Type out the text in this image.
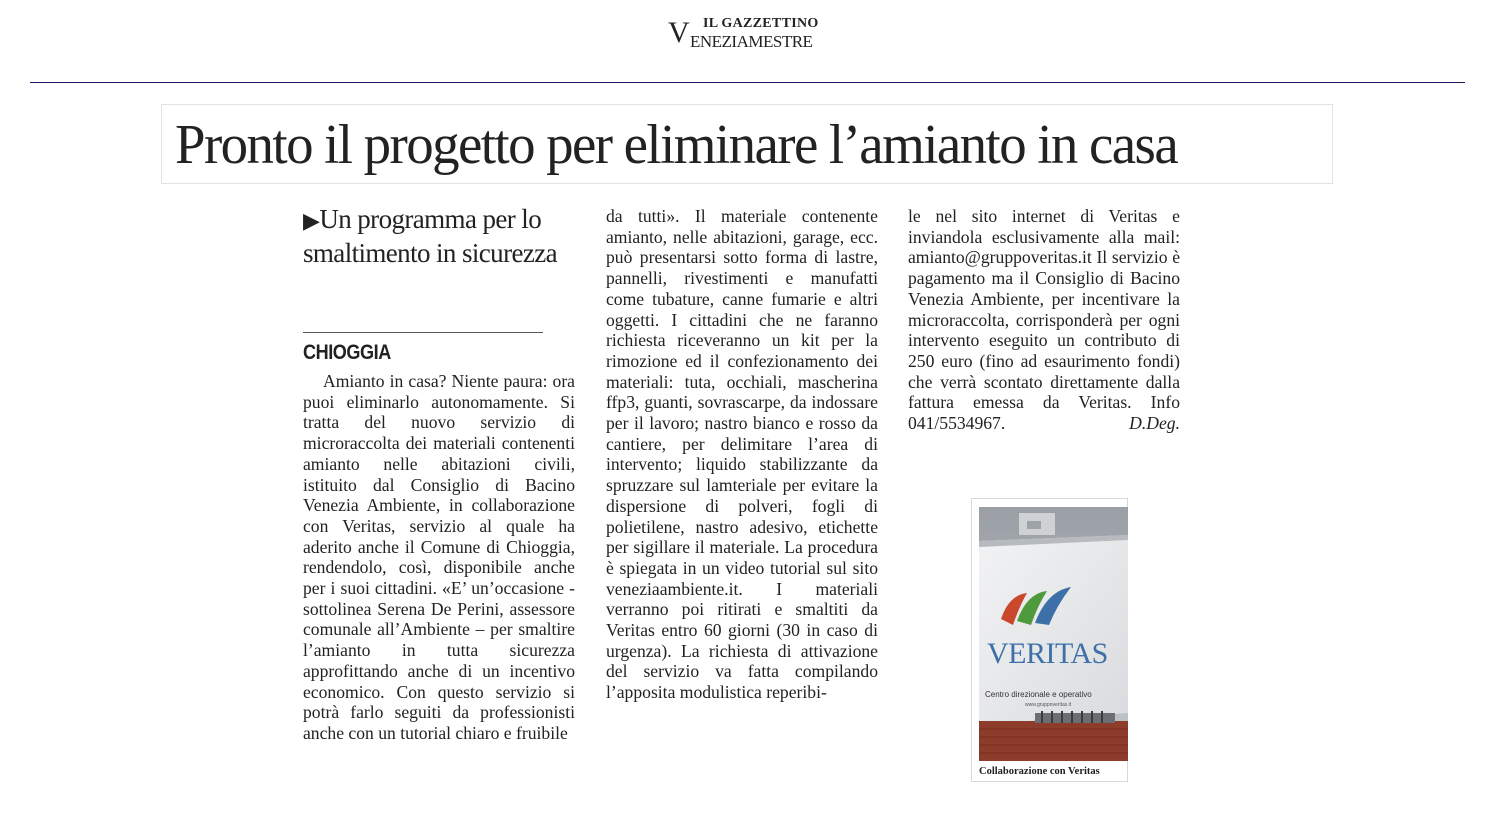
IL GAZZETTINO
V ENEZIAMESTRE
Pronto il progetto per eliminare l’amianto in casa
▶Un programma per lo smaltimento in sicurezza
CHIOGGIA

Amianto in casa? Niente paura: ora puoi eliminarlo autonomamente. Si tratta del nuovo servizio di microraccolta dei materiali contenenti amianto nelle abitazioni civili, istituito dal Consiglio di Bacino Venezia Ambiente, in collaborazione con Veritas, servizio al quale ha aderito anche il Comune di Chioggia, rendendolo, così, disponibile anche per i suoi cittadini. «E’ un’occasione - sottolinea Serena De Perini, assessore comunale all’Ambiente – per smaltire l’amianto in tutta sicurezza approfittando anche di un incentivo economico. Con questo servizio si potrà farlo seguiti da professionisti anche con un tutorial chiaro e fruibile

da tutti». Il materiale contenente amianto, nelle abitazioni, garage, ecc. può presentarsi sotto forma di lastre, pannelli, rivestimenti e manufatti come tubature, canne fumarie e altri oggetti. I cittadini che ne faranno richiesta riceveranno un kit per la rimozione ed il confezionamento dei materiali: tuta, occhiali, mascherina ffp3, guanti, sovrascarpe, da indossare per il lavoro; nastro bianco e rosso da cantiere, per delimitare l’area di intervento; liquido stabilizzante da spruzzare sul lamteriale per evitare la dispersione di polveri, fogli di polietilene, nastro adesivo, etichette per sigillare il materiale. La procedura è spiegata in un video tutorial sul sito veneziaambiente.it. I materiali verranno poi ritirati e smaltiti da Veritas entro 60 giorni (30 in caso di urgenza). La richiesta di attivazione del servizio va fatta compilando l’apposita modulistica reperibi-

le nel sito internet di Veritas e inviandola esclusivamente alla mail: amianto@gruppoveritas.it Il servizio è pagamento ma il Consiglio di Bacino Venezia Ambiente, per incentivare la microraccolta, corrisponderà per ogni intervento eseguito un contributo di 250 euro (fino ad esaurimento fondi) che verrà scontato direttamente dalla fattura emessa da Veritas. Info 041/5534967.	D.Deg.

VERITAS
Centro direzionale e operativo
www.gruppoveritas.it
Collaborazione con Veritas
